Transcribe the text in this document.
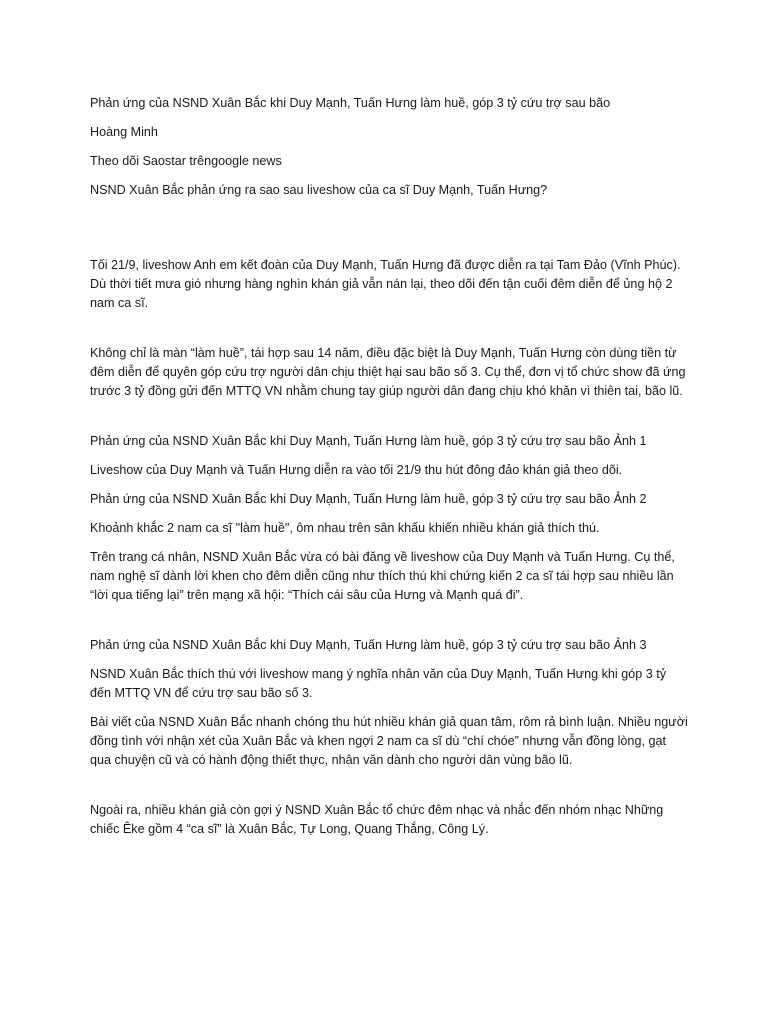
Phản ứng của NSND Xuân Bắc khi Duy Mạnh, Tuấn Hưng làm huề, góp 3 tỷ cứu trợ sau bão

Hoàng Minh

Theo dõi Saostar trêngoogle news

NSND Xuân Bắc phản ứng ra sao sau liveshow của ca sĩ Duy Mạnh, Tuấn Hưng?

Tối 21/9, liveshow Anh em kết đoàn của Duy Mạnh, Tuấn Hưng đã được diễn ra tại Tam Đảo (Vĩnh Phúc). Dù thời tiết mưa gió nhưng hàng nghìn khán giả vẫn nán lại, theo dõi đến tận cuối đêm diễn để ủng hộ 2 nam ca sĩ.

Không chỉ là màn “làm huề”, tái hợp sau 14 năm, điều đặc biệt là Duy Mạnh, Tuấn Hưng còn dùng tiền từ đêm diễn để quyên góp cứu trợ người dân chịu thiệt hại sau bão số 3. Cụ thể, đơn vị tổ chức show đã ứng trước 3 tỷ đồng gửi đến MTTQ VN nhằm chung tay giúp người dân đang chịu khó khăn vì thiên tai, bão lũ.

Phản ứng của NSND Xuân Bắc khi Duy Mạnh, Tuấn Hưng làm huề, góp 3 tỷ cứu trợ sau bão Ảnh 1

Liveshow của Duy Mạnh và Tuấn Hưng diễn ra vào tối 21/9 thu hút đông đảo khán giả theo dõi.

Phản ứng của NSND Xuân Bắc khi Duy Mạnh, Tuấn Hưng làm huề, góp 3 tỷ cứu trợ sau bão Ảnh 2

Khoảnh khắc 2 nam ca sĩ "làm huề", ôm nhau trên sân khấu khiến nhiều khán giả thích thú.

Trên trang cá nhân, NSND Xuân Bắc vừa có bài đăng về liveshow của Duy Mạnh và Tuấn Hưng. Cụ thể, nam nghệ sĩ dành lời khen cho đêm diễn cũng như thích thú khi chứng kiến 2 ca sĩ tái hợp sau nhiều lần “lời qua tiếng lại” trên mạng xã hội: “Thích cái sâu của Hưng và Mạnh quá đi”.

Phản ứng của NSND Xuân Bắc khi Duy Mạnh, Tuấn Hưng làm huề, góp 3 tỷ cứu trợ sau bão Ảnh 3

NSND Xuân Bắc thích thú với liveshow mang ý nghĩa nhân văn của Duy Mạnh, Tuấn Hưng khi góp 3 tỷ đến MTTQ VN để cứu trợ sau bão số 3.

Bài viết của NSND Xuân Bắc nhanh chóng thu hút nhiều khán giả quan tâm, rôm rả bình luận. Nhiều người đồng tình với nhận xét của Xuân Bắc và khen ngợi 2 nam ca sĩ dù “chí chóe” nhưng vẫn đồng lòng, gạt qua chuyện cũ và có hành động thiết thực, nhân văn dành cho người dân vùng bão lũ.

Ngoài ra, nhiều khán giả còn gợi ý NSND Xuân Bắc tổ chức đêm nhạc và nhắc đến nhóm nhạc Những chiếc Êke gồm 4 “ca sĩ” là Xuân Bắc, Tự Long, Quang Thắng, Công Lý.
